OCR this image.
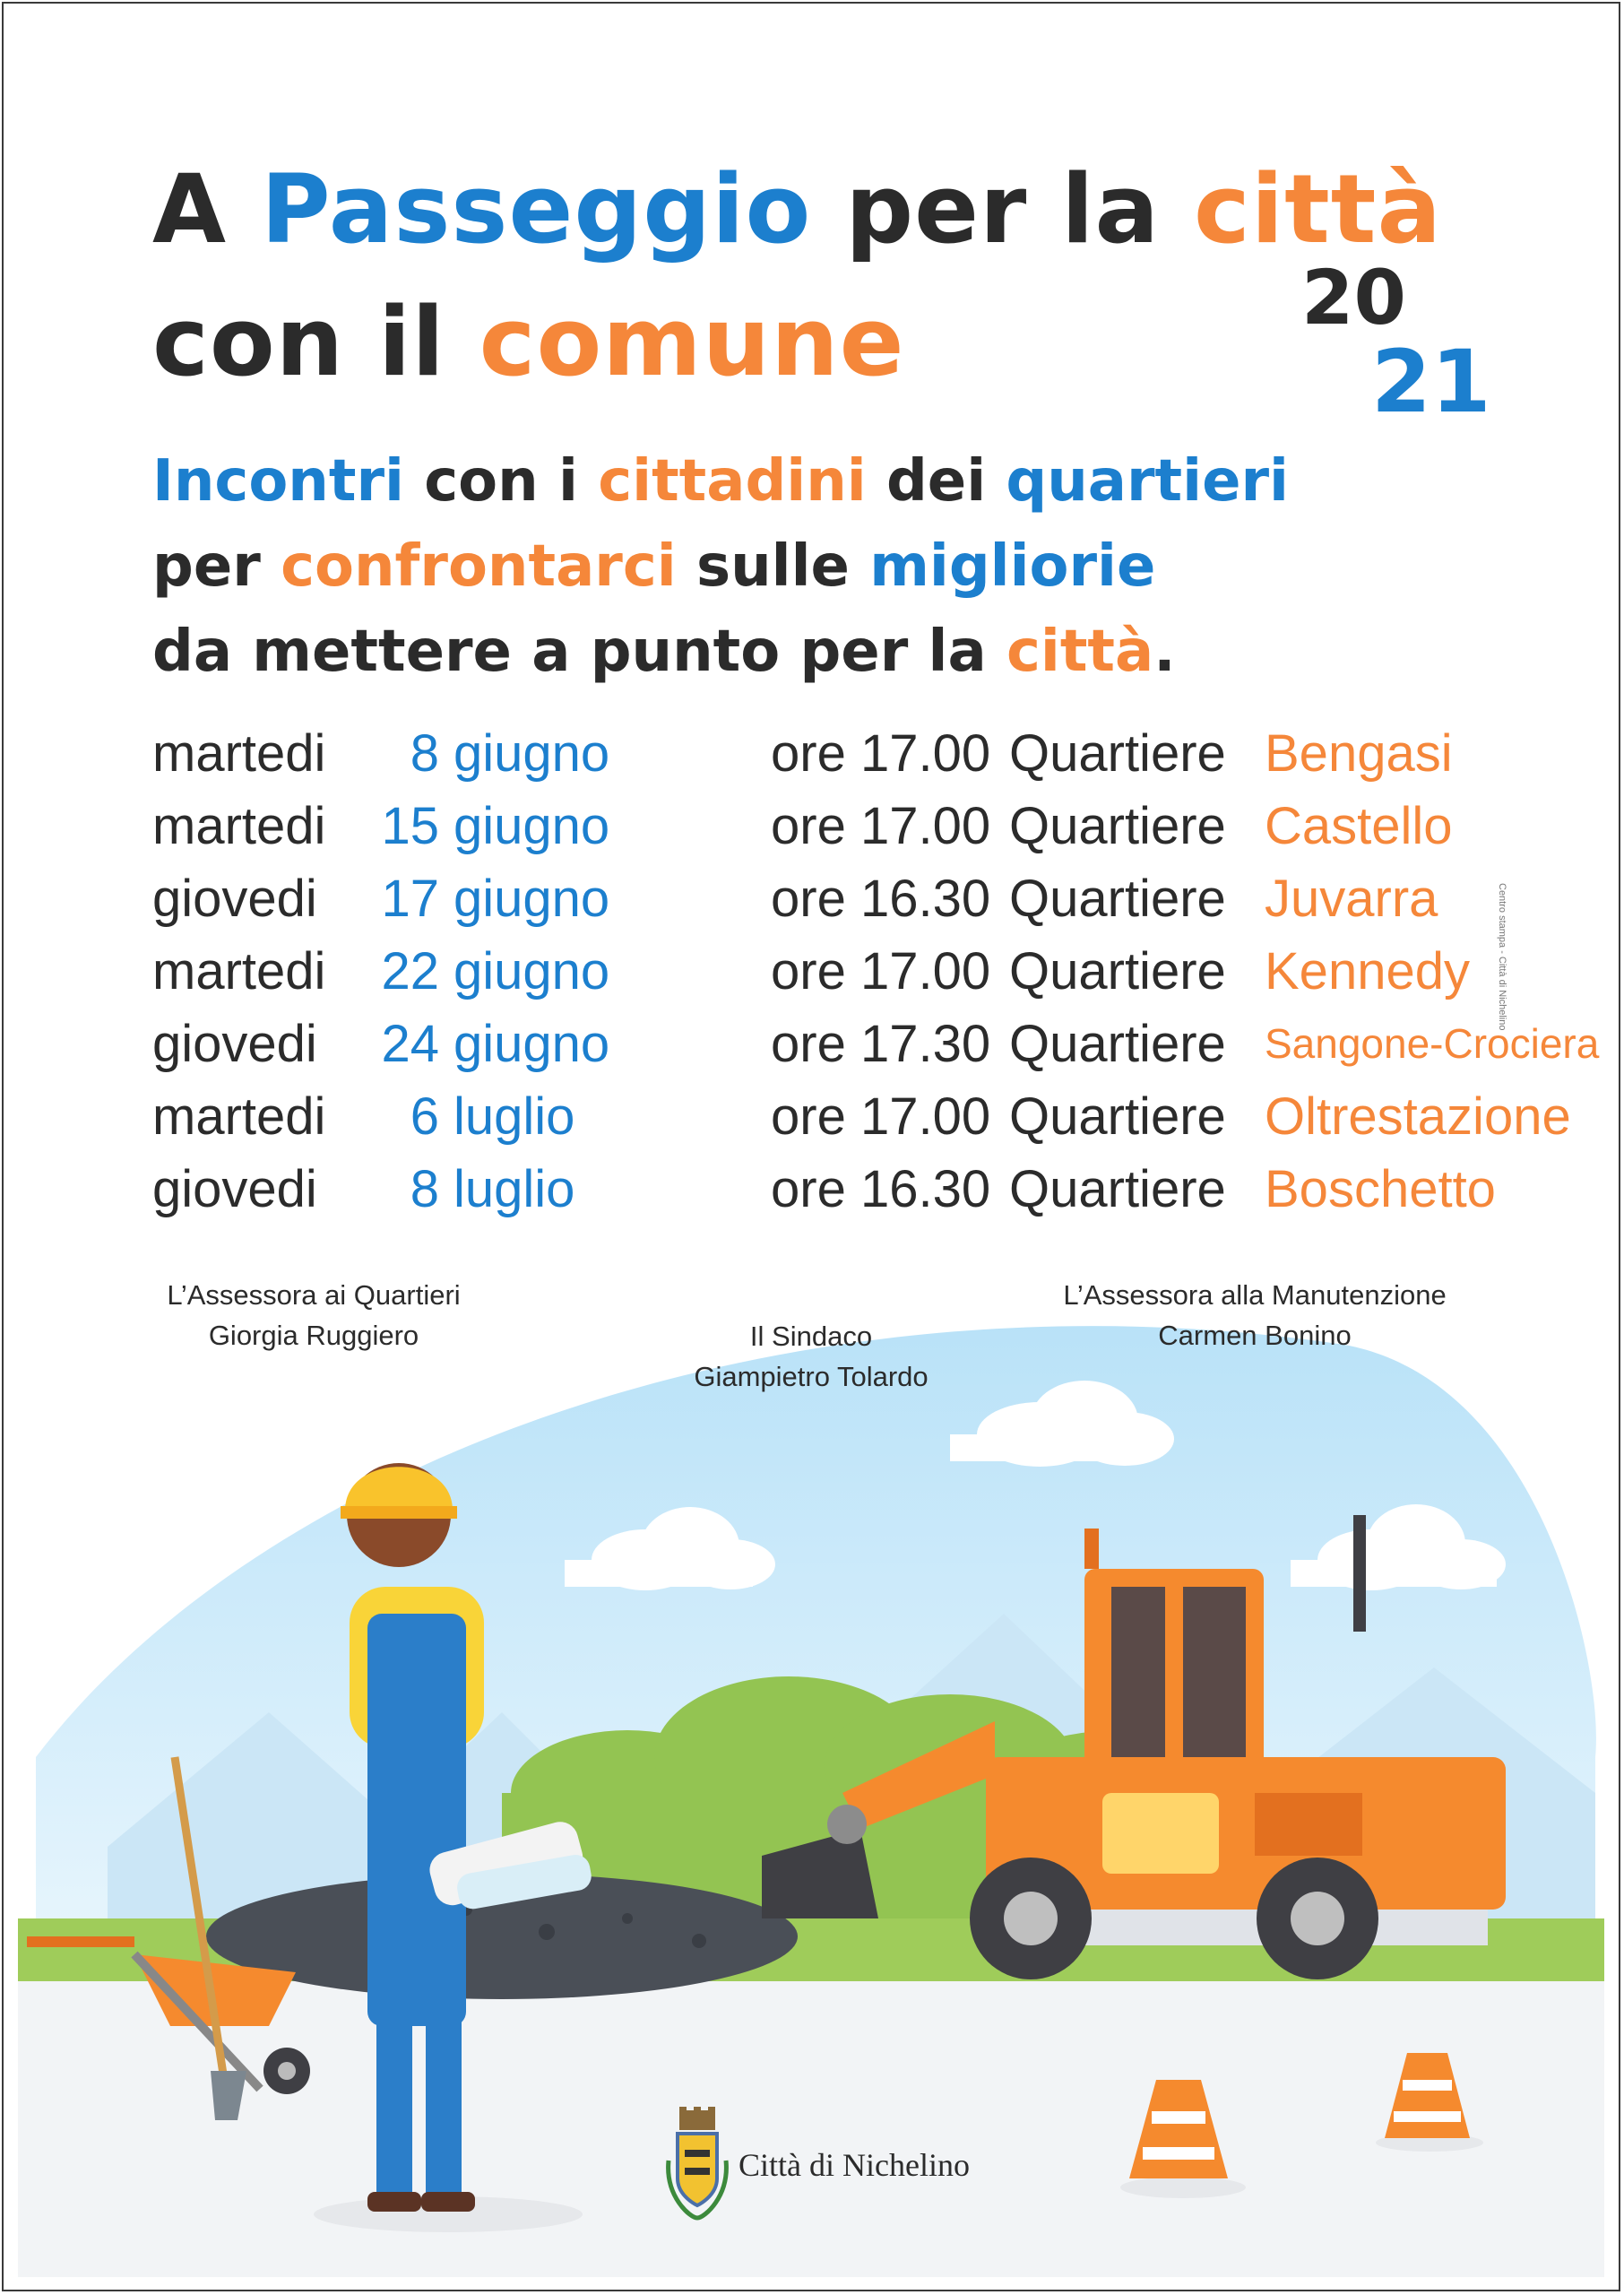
A Passeggio per la città
con il comune	20
21
Incontri con i cittadini dei quartieri
per confrontarci sulle migliorie
da mettere a punto per la città.
martedi	8 giugno	ore 17.00 Quartiere Bengasi
martedi	15 giugno	ore 17.00 Quartiere Castello
giovedi	17 giugno	ore 16.30 Quartiere Juvarra
martedi	22 giugno	ore 17.00 Quartiere Kennedy
giovedi	24 giugno	ore 17.30 Quartiere Sangone-Crociera
martedi	6 luglio	ore 17.00 Quartiere Oltrestazione
giovedi	8 luglio	ore 16.30 Quartiere Boschetto
L’Assessora ai Quartieri
Giorgia Ruggiero	Il Sindaco
Giampietro Tolardo
L’Assessora alla Manutenzione
Carmen Bonino
Centro stampa - Città di Nichelino
Città di Nichelino
